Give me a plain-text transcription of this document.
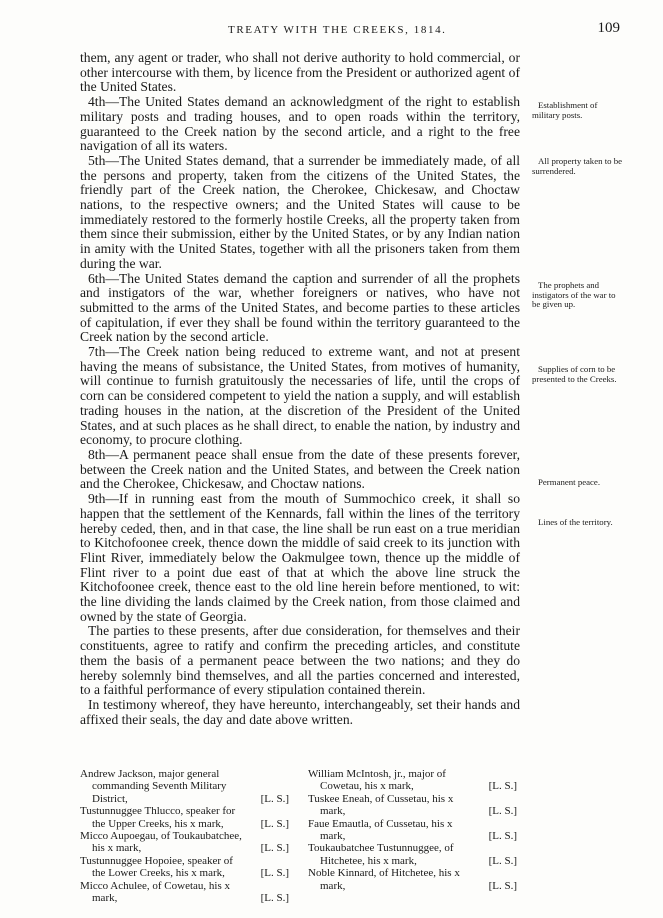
TREATY WITH THE CREEKS, 1814.	109

them, any agent or trader, who shall not derive authority to hold commercial, or other intercourse with them, by licence from the President or authorized agent of the United States.

4th—The United States demand an acknowledgment of the right to establish military posts and trading houses, and to open roads within the territory, guaranteed to the Creek nation by the second article, and a right to the free navigation of all its waters.

5th—The United States demand, that a surrender be immediately made, of all the persons and property, taken from the citizens of the United States, the friendly part of the Creek nation, the Cherokee, Chickesaw, and Choctaw nations, to the respective owners; and the United States will cause to be immediately restored to the formerly hostile Creeks, all the property taken from them since their submission, either by the United States, or by any Indian nation in amity with the United States, together with all the prisoners taken from them during the war.

6th—The United States demand the caption and surrender of all the prophets and instigators of the war, whether foreigners or natives, who have not submitted to the arms of the United States, and become parties to these articles of capitulation, if ever they shall be found within the territory guaranteed to the Creek nation by the second article.

7th—The Creek nation being reduced to extreme want, and not at present having the means of subsistance, the United States, from motives of humanity, will continue to furnish gratuitously the necessaries of life, until the crops of corn can be considered competent to yield the nation a supply, and will establish trading houses in the nation, at the discretion of the President of the United States, and at such places as he shall direct, to enable the nation, by industry and economy, to procure clothing.

8th—A permanent peace shall ensue from the date of these presents forever, between the Creek nation and the United States, and between the Creek nation and the Cherokee, Chickesaw, and Choctaw nations.

9th—If in running east from the mouth of Summochico creek, it shall so happen that the settlement of the Kennards, fall within the lines of the territory hereby ceded, then, and in that case, the line shall be run east on a true meridian to Kitchofoonee creek, thence down the middle of said creek to its junction with Flint River, immediately below the Oakmulgee town, thence up the middle of Flint river to a point due east of that at which the above line struck the Kitchofoonee creek, thence east to the old line herein before mentioned, to wit: the line dividing the lands claimed by the Creek nation, from those claimed and owned by the state of Georgia.

The parties to these presents, after due consideration, for themselves and their constituents, agree to ratify and confirm the preceding articles, and constitute them the basis of a permanent peace between the two nations; and they do hereby solemnly bind themselves, and all the parties concerned and interested, to a faithful performance of every stipulation contained therein.

In testimony whereof, they have hereunto, interchangeably, set their hands and affixed their seals, the day and date above written.

Establishment of military posts.
All property taken to be surrendered.
The prophets and instigators of the war to be given up.
Supplies of corn to be presented to the Creeks.
Permanent peace.
Lines of the territory.
Andrew Jackson, major general commanding Seventh Military District,	[L. S.]
Tustunnuggee Thlucco, speaker for the Upper Creeks, his x mark,	[L. S.]
Micco Aupoegau, of Toukaubatchee, his x mark,	[L. S.]
Tustunnuggee Hopoiee, speaker of the Lower Creeks, his x mark,	[L. S.]
Micco Achulee, of Cowetau, his x mark,	[L. S.]
William McIntosh, jr., major of Cowetau, his x mark,	[L. S.]
Tuskee Eneah, of Cussetau, his x mark,	[L. S.]
Faue Emautla, of Cussetau, his x mark,	[L. S.]
Toukaubatchee Tustunnuggee, of Hitchetee, his x mark,	[L. S.]
Noble Kinnard, of Hitchetee, his x mark,	[L. S.]
